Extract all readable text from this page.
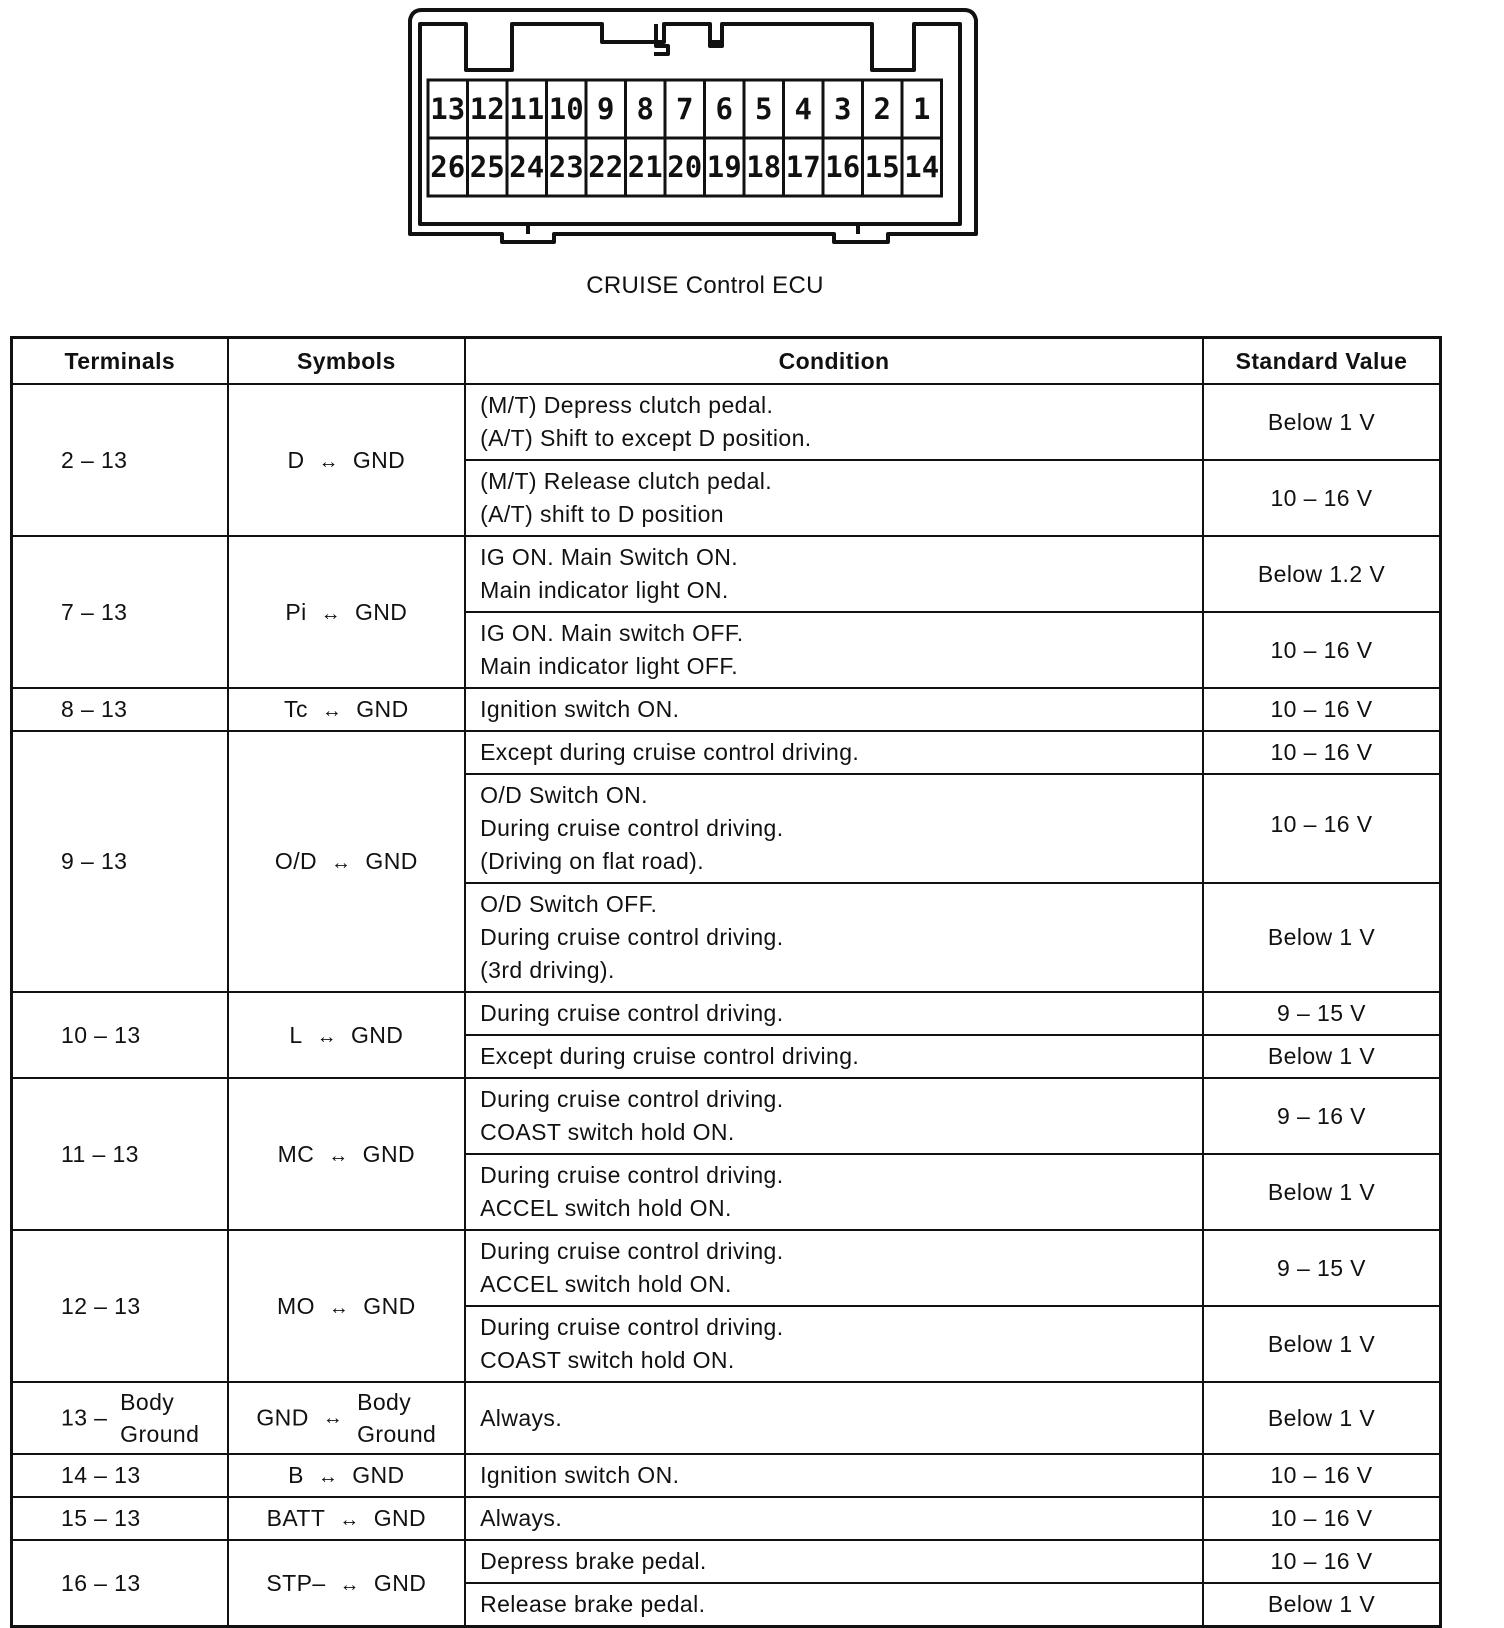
13 12 11 10 9 8 7 6 5 4 3 2 1
26 25 24 23 22 21 20 19 18 17 16 15 14
CRUISE Control ECU
Terminals	Symbols	Condition	Standard Value
2 – 13	D ↔ GND	(M/T) Depress clutch pedal.
(A/T) Shift to except D position.	Below 1 V

		(M/T) Release clutch pedal.
(A/T) shift to D position	10 – 16 V
7 – 13	Pi ↔ GND	IG ON. Main Switch ON.
Main indicator light ON.	Below 1.2 V

		IG ON. Main switch OFF.
Main indicator light OFF.	10 – 16 V
8 – 13	Tc ↔ GND	Ignition switch ON.	10 – 16 V
9 – 13	O/D ↔ GND	Except during cruise control driving.	10 – 16 V

		O/D Switch ON.
During cruise control driving.
(Driving on flat road).	10 – 16 V

		O/D Switch OFF.
During cruise control driving.
(3rd driving).	Below 1 V
10 – 13	L ↔ GND	During cruise control driving.	9 – 15 V

		Except during cruise control driving.	Below 1 V
11 – 13	MC ↔ GND	During cruise control driving.
COAST switch hold ON.	9 – 16 V

		During cruise control driving.
ACCEL switch hold ON.	Below 1 V
12 – 13	MO ↔ GND	During cruise control driving.
ACCEL switch hold ON.	9 – 15 V

		During cruise control driving.
COAST switch hold ON.	Below 1 V
13 –
Body
Ground	GND ↔
Body
Ground	Always.	Below 1 V
14 – 13	B ↔ GND	Ignition switch ON.	10 – 16 V
15 – 13	BATT ↔ GND	Always.	10 – 16 V
16 – 13	STP– ↔ GND	Depress brake pedal.	10 – 16 V

		Release brake pedal.	Below 1 V
